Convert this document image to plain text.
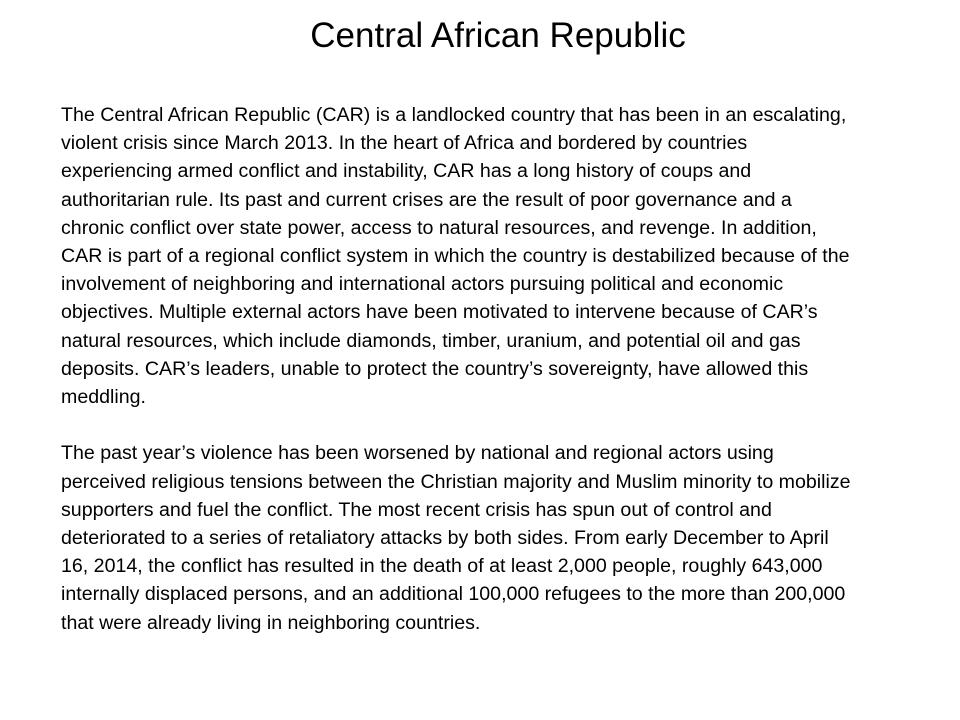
Central African Republic

The Central African Republic (CAR) is a landlocked country that has been in an escalating, violent crisis since March 2013. In the heart of Africa and bordered by countries experiencing armed conflict and instability, CAR has a long history of coups and authoritarian rule. Its past and current crises are the result of poor governance and a chronic conflict over state power, access to natural resources, and revenge. In addition, CAR is part of a regional conflict system in which the country is destabilized because of the involvement of neighboring and international actors pursuing political and economic objectives. Multiple external actors have been motivated to intervene because of CAR’s natural resources, which include diamonds, timber, uranium, and potential oil and gas deposits. CAR’s leaders, unable to protect the country’s sovereignty, have allowed this meddling.

The past year’s violence has been worsened by national and regional actors using perceived religious tensions between the Christian majority and Muslim minority to mobilize supporters and fuel the conflict. The most recent crisis has spun out of control and deteriorated to a series of retaliatory attacks by both sides. From early December to April 16, 2014, the conflict has resulted in the death of at least 2,000 people, roughly 643,000 internally displaced persons, and an additional 100,000 refugees to the more than 200,000 that were already living in neighboring countries.
